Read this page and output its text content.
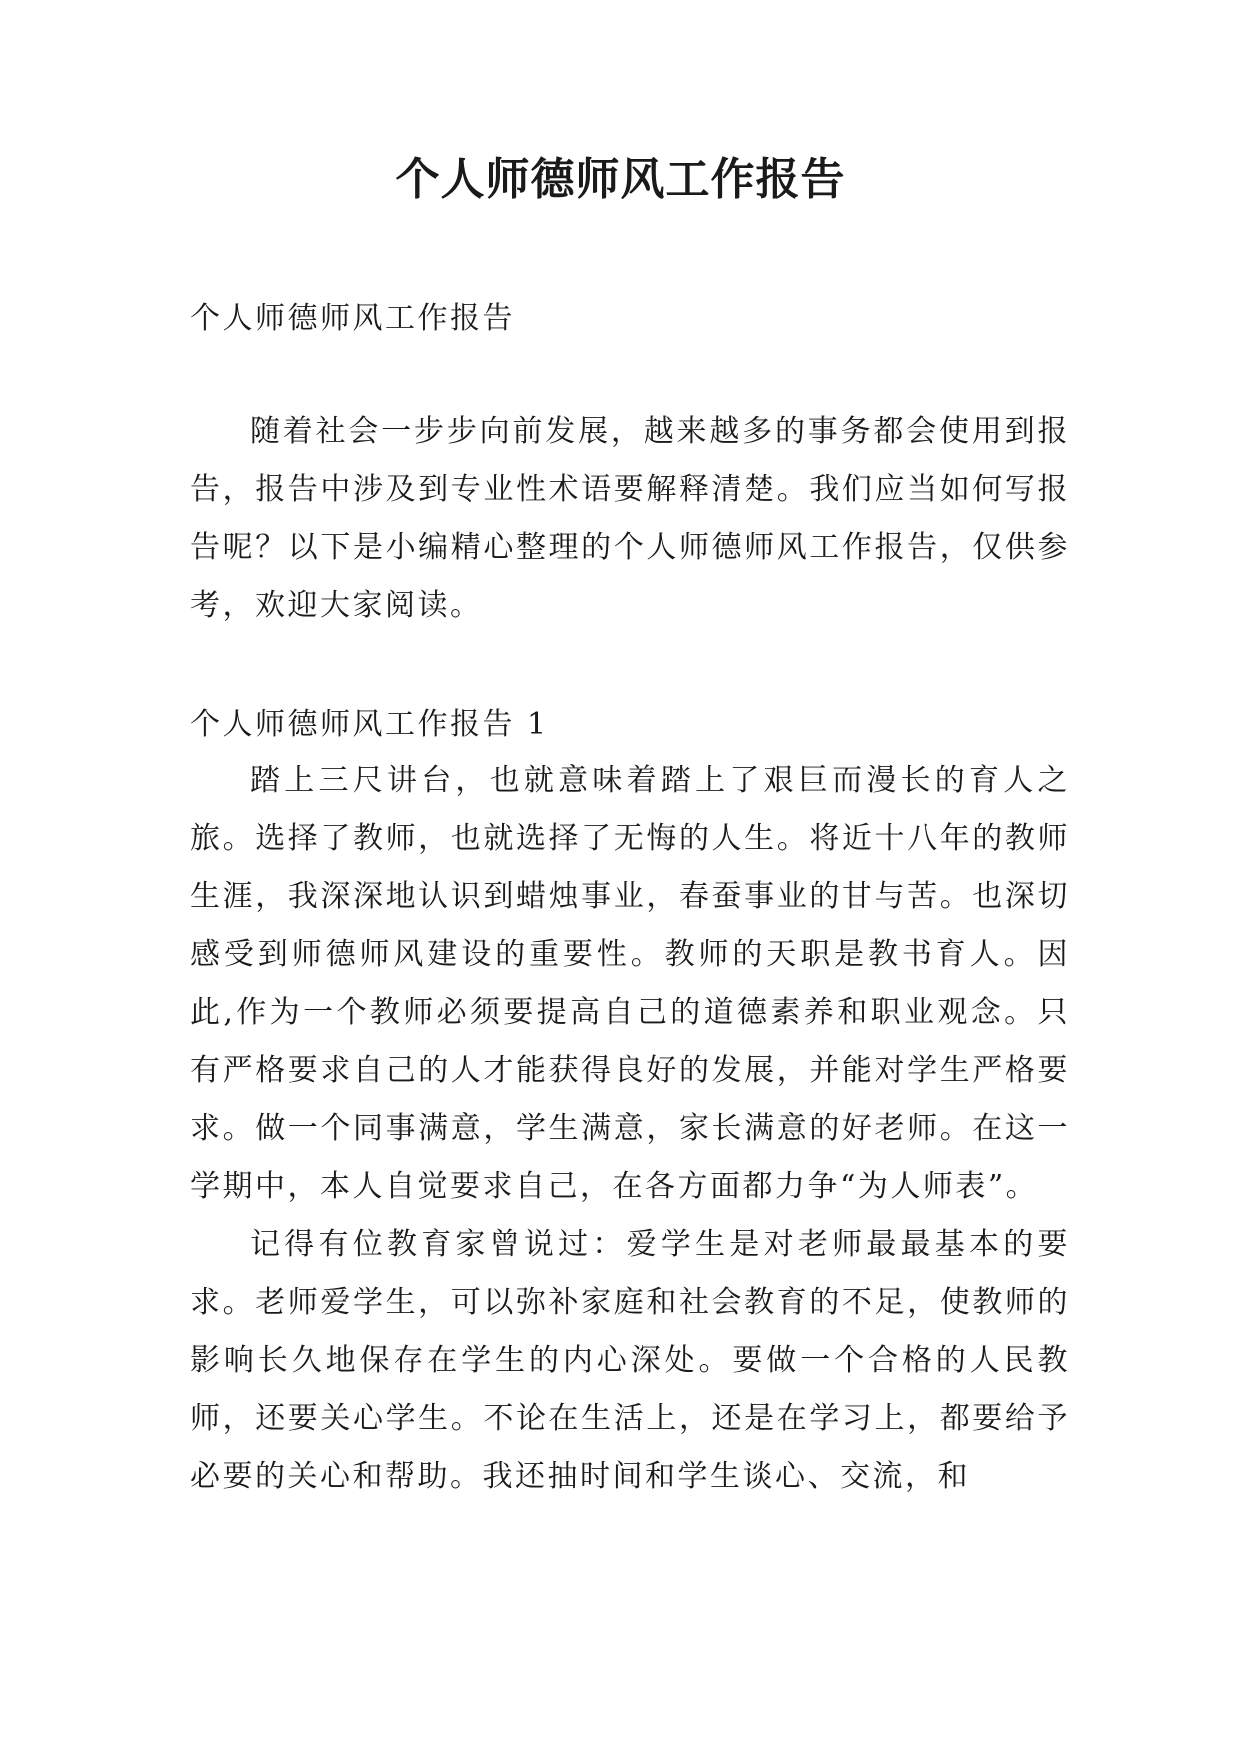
个人师德师风工作报告

个人师德师风工作报告

随着社会一步步向前发展，越来越多的事务都会使用到报告，报告中涉及到专业性术语要解释清楚。我们应当如何写报告呢？以下是小编精心整理的个人师德师风工作报告，仅供参考，欢迎大家阅读。

个人师德师风工作报告 1

踏上三尺讲台，也就意味着踏上了艰巨而漫长的育人之旅。选择了教师，也就选择了无悔的人生。将近十八年的教师生涯，我深深地认识到蜡烛事业，春蚕事业的甘与苦。也深切感受到师德师风建设的重要性。教师的天职是教书育人。因此,作为一个教师必须要提高自己的道德素养和职业观念。只有严格要求自己的人才能获得良好的发展，并能对学生严格要求。做一个同事满意，学生满意，家长满意的好老师。在这一学期中，本人自觉要求自己，在各方面都力争“为人师表”。

记得有位教育家曾说过：爱学生是对老师最最基本的要求。老师爱学生，可以弥补家庭和社会教育的不足，使教师的影响长久地保存在学生的内心深处。要做一个合格的人民教师，还要关心学生。不论在生活上，还是在学习上，都要给予必要的关心和帮助。我还抽时间和学生谈心、交流，和
